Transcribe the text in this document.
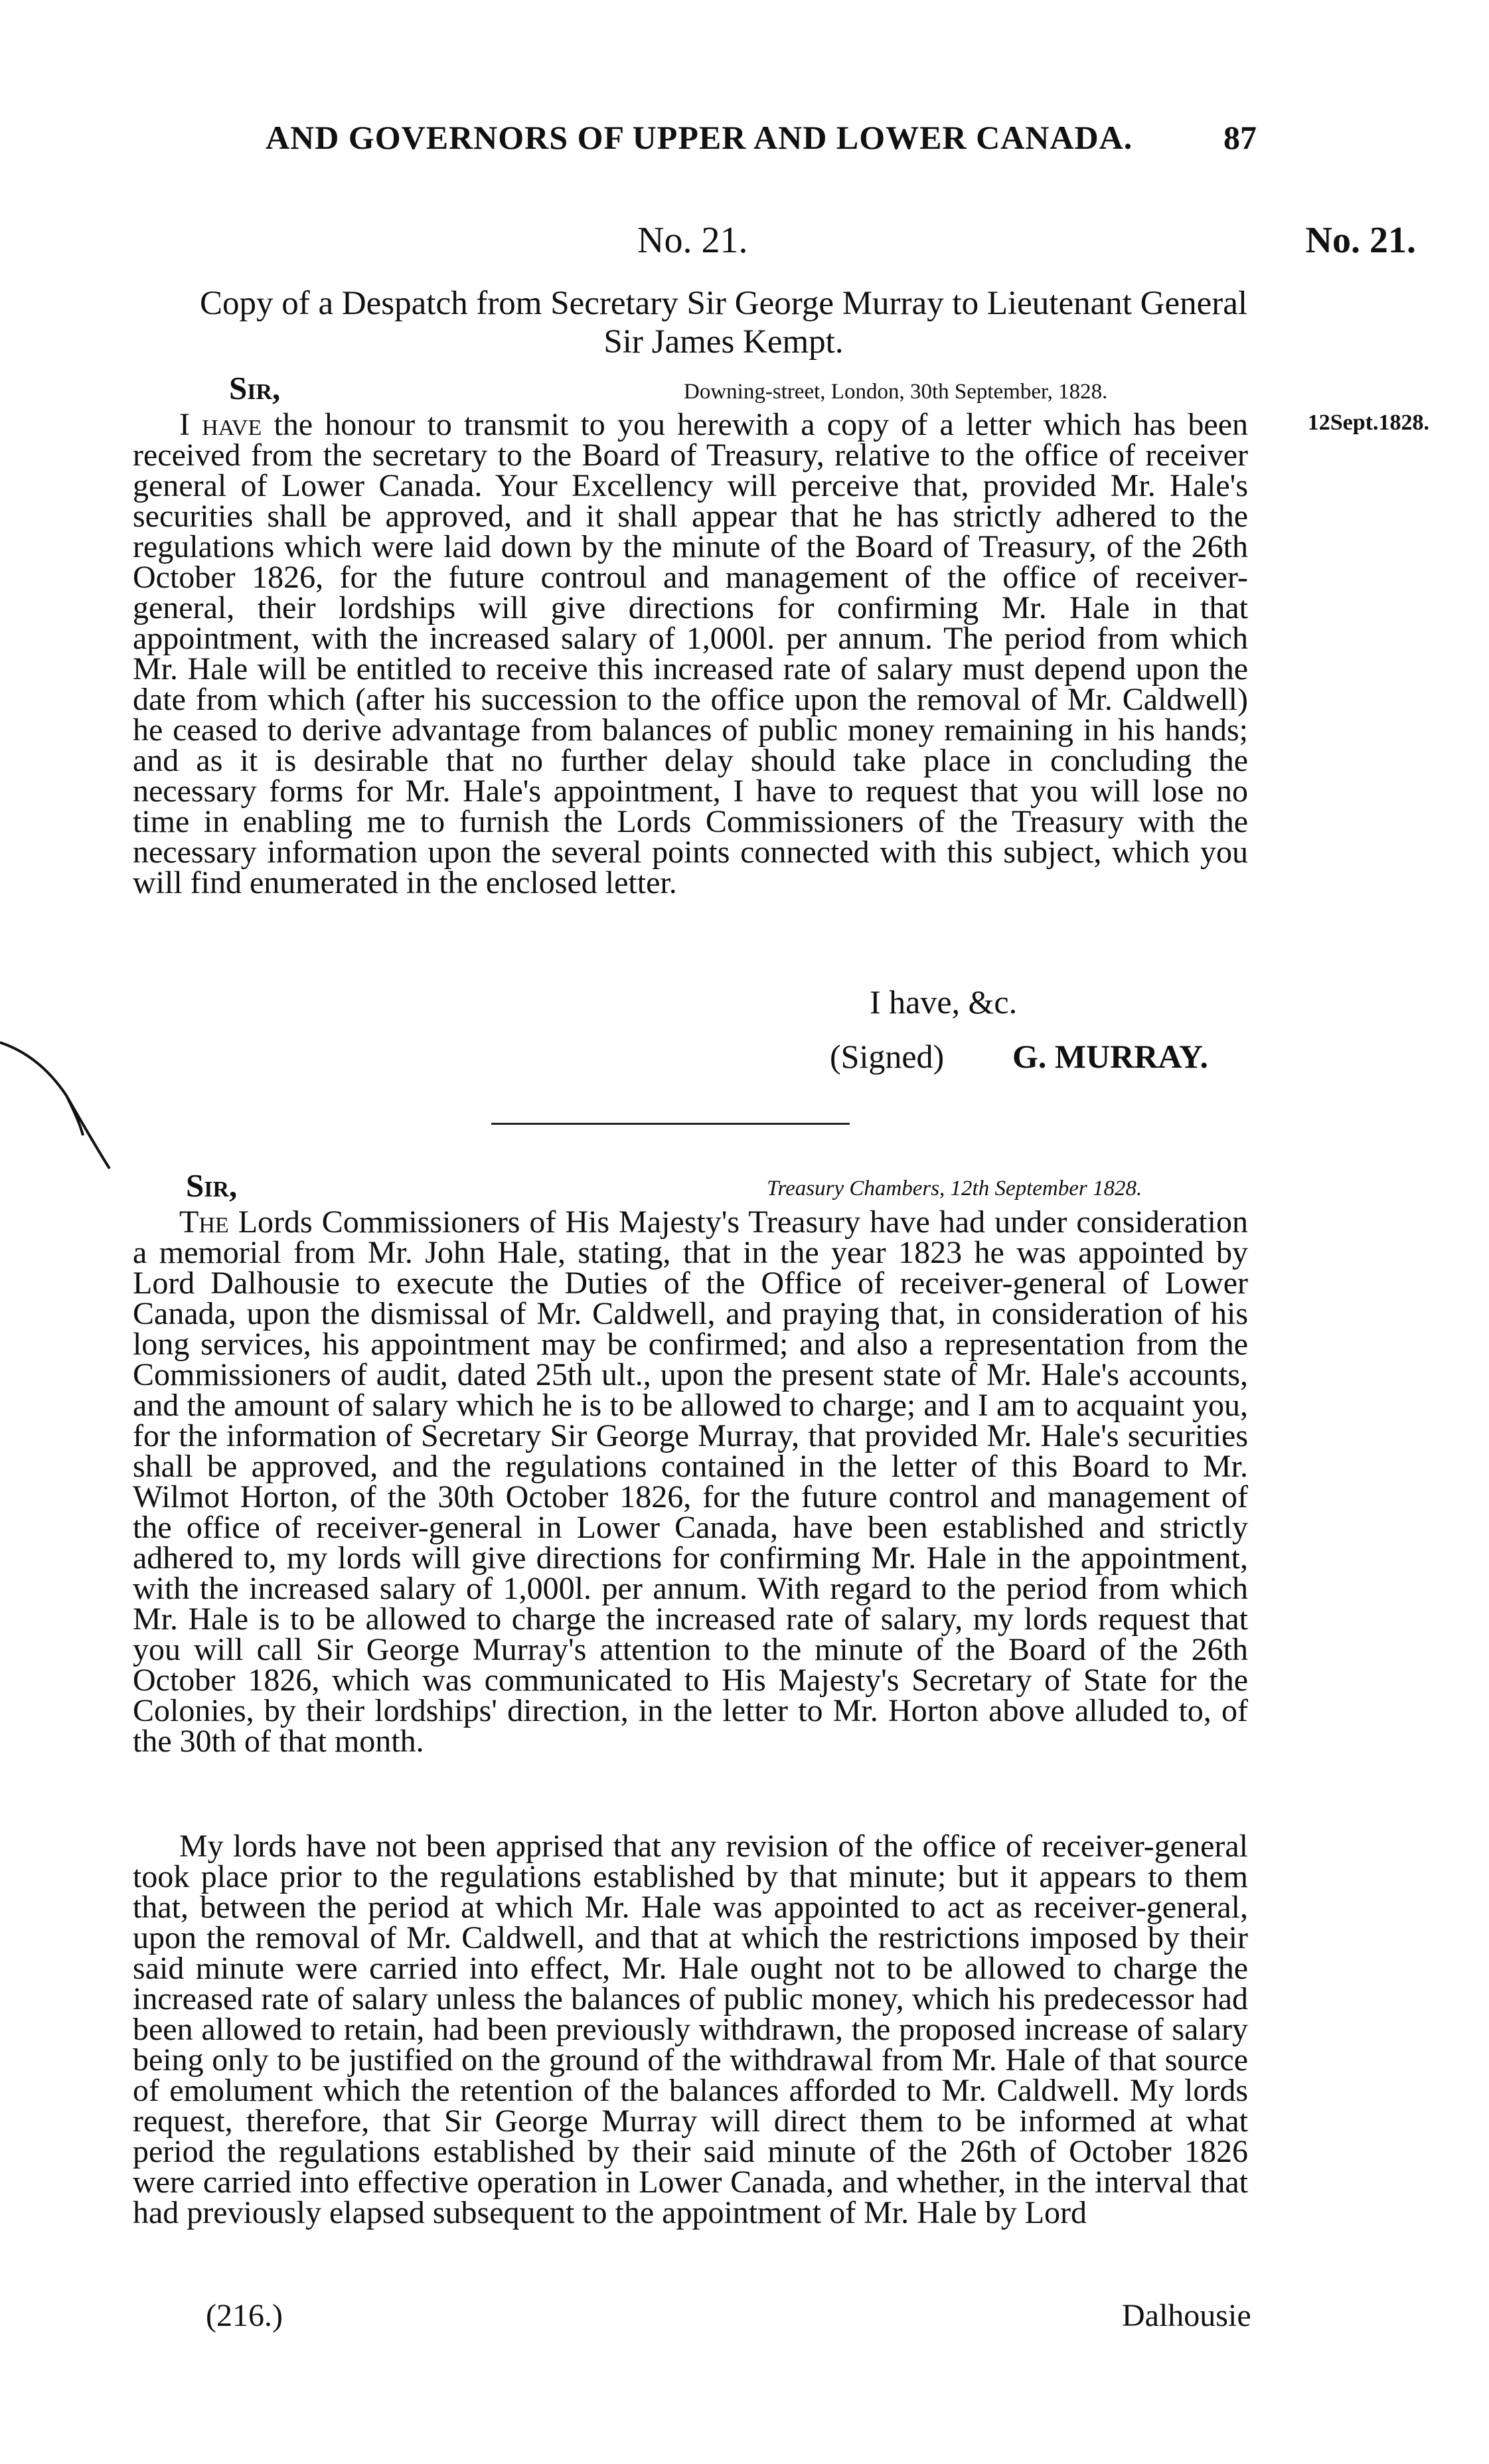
AND GOVERNORS OF UPPER AND LOWER CANADA.	87
No. 21.	No. 21.
Copy of a Despatch from Secretary Sir George Murray to Lieutenant General
Sir James Kempt.
Sir,	Downing-street, London, 30th September, 1828.
12Sept.1828.

I have the honour to transmit to you herewith a copy of a letter which has been received from the secretary to the Board of Treasury, relative to the office of receiver general of Lower Canada. Your Excellency will perceive that, provided Mr. Hale's securities shall be approved, and it shall appear that he has strictly adhered to the regulations which were laid down by the minute of the Board of Treasury, of the 26th October 1826, for the future controul and management of the office of receiver-general, their lordships will give directions for confirming Mr. Hale in that appointment, with the increased salary of 1,000l. per annum. The period from which Mr. Hale will be entitled to receive this increased rate of salary must depend upon the date from which (after his succession to the office upon the removal of Mr. Caldwell) he ceased to derive advantage from balances of public money remaining in his hands; and as it is desirable that no further delay should take place in concluding the necessary forms for Mr. Hale's appointment, I have to request that you will lose no time in enabling me to furnish the Lords Commissioners of the Treasury with the necessary information upon the several points connected with this subject, which you will find enumerated in the enclosed letter.

I have, &c.
(Signed) G. MURRAY.
Sir,	Treasury Chambers, 12th September 1828.

The Lords Commissioners of His Majesty's Treasury have had under consideration a memorial from Mr. John Hale, stating, that in the year 1823 he was appointed by Lord Dalhousie to execute the Duties of the Office of receiver-general of Lower Canada, upon the dismissal of Mr. Caldwell, and praying that, in consideration of his long services, his appointment may be confirmed; and also a representation from the Commissioners of audit, dated 25th ult., upon the present state of Mr. Hale's accounts, and the amount of salary which he is to be allowed to charge; and I am to acquaint you, for the information of Secretary Sir George Murray, that provided Mr. Hale's securities shall be approved, and the regulations contained in the letter of this Board to Mr. Wilmot Horton, of the 30th October 1826, for the future control and management of the office of receiver-general in Lower Canada, have been established and strictly adhered to, my lords will give directions for confirming Mr. Hale in the appointment, with the increased salary of 1,000l. per annum. With regard to the period from which Mr. Hale is to be allowed to charge the increased rate of salary, my lords request that you will call Sir George Murray's attention to the minute of the Board of the 26th October 1826, which was communicated to His Majesty's Secretary of State for the Colonies, by their lordships' direction, in the letter to Mr. Horton above alluded to, of the 30th of that month.

My lords have not been apprised that any revision of the office of receiver-general took place prior to the regulations established by that minute; but it appears to them that, between the period at which Mr. Hale was appointed to act as receiver-general, upon the removal of Mr. Caldwell, and that at which the restrictions imposed by their said minute were carried into effect, Mr. Hale ought not to be allowed to charge the increased rate of salary unless the balances of public money, which his predecessor had been allowed to retain, had been previously withdrawn, the proposed increase of salary being only to be justified on the ground of the withdrawal from Mr. Hale of that source of emolument which the retention of the balances afforded to Mr. Caldwell. My lords request, therefore, that Sir George Murray will direct them to be informed at what period the regulations established by their said minute of the 26th of October 1826 were carried into effective operation in Lower Canada, and whether, in the interval that had previously elapsed subsequent to the appointment of Mr. Hale by Lord

(216.)	Dalhousie
